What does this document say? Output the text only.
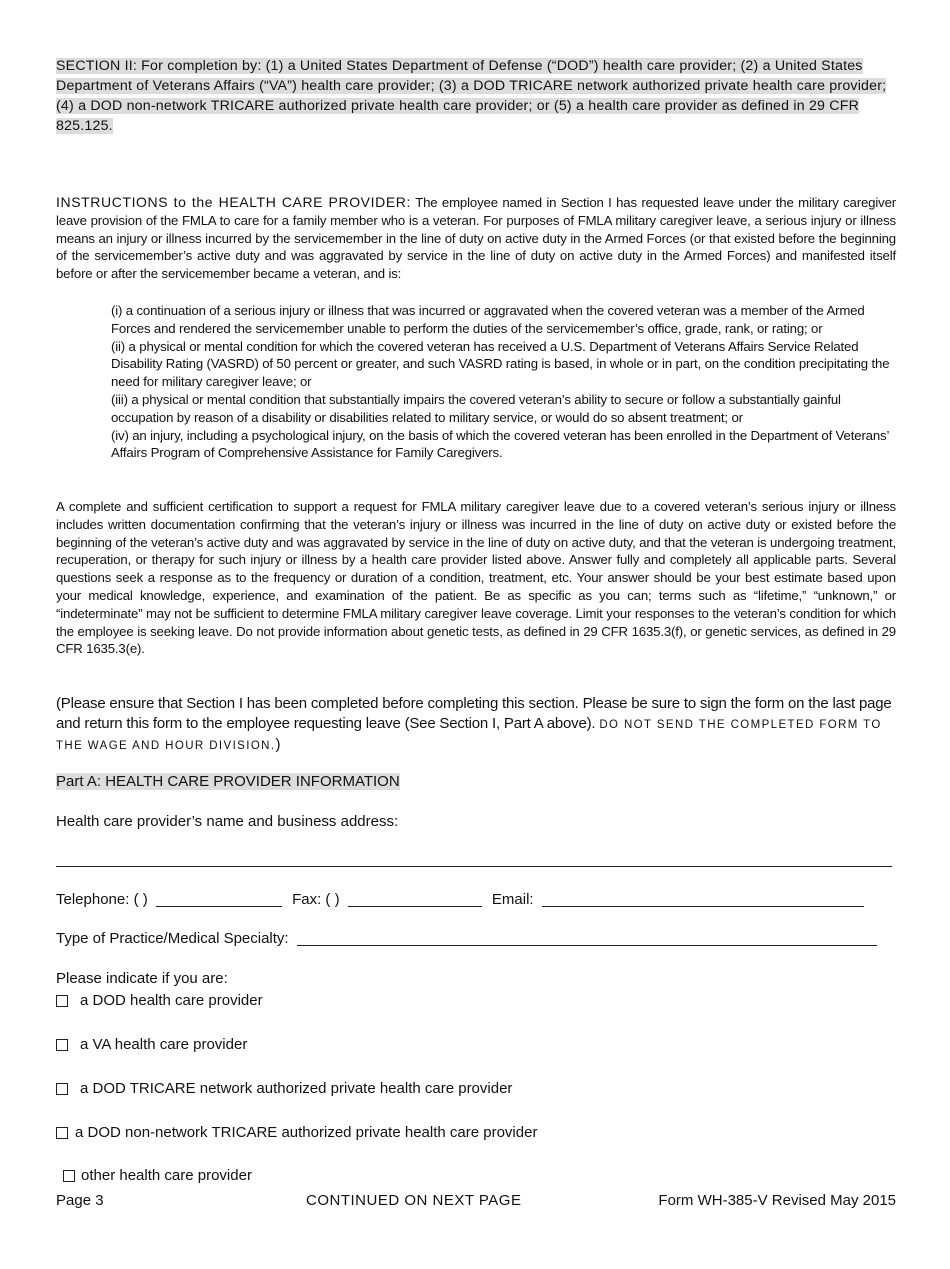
SECTION II: For completion by: (1) a United States Department of Defense (“DOD”) health care provider; (2) a United States Department of Veterans Affairs (“VA”) health care provider; (3) a DOD TRICARE network authorized private health care provider; (4) a DOD non-network TRICARE authorized private health care provider; or (5) a health care provider as defined in 29 CFR 825.125.
INSTRUCTIONS to the HEALTH CARE PROVIDER: The employee named in Section I has requested leave under the military caregiver leave provision of the FMLA to care for a family member who is a veteran. For purposes of FMLA military caregiver leave, a serious injury or illness means an injury or illness incurred by the servicemember in the line of duty on active duty in the Armed Forces (or that existed before the beginning of the servicemember’s active duty and was aggravated by service in the line of duty on active duty in the Armed Forces) and manifested itself before or after the servicemember became a veteran, and is:

(i) a continuation of a serious injury or illness that was incurred or aggravated when the covered veteran was a member of the Armed Forces and rendered the servicemember unable to perform the duties of the servicemember’s office, grade, rank, or rating; or

(ii) a physical or mental condition for which the covered veteran has received a U.S. Department of Veterans Affairs Service Related Disability Rating (VASRD) of 50 percent or greater, and such VASRD rating is based, in whole or in part, on the condition precipitating the need for military caregiver leave; or

(iii) a physical or mental condition that substantially impairs the covered veteran’s ability to secure or follow a substantially gainful occupation by reason of a disability or disabilities related to military service, or would do so absent treatment; or

(iv) an injury, including a psychological injury, on the basis of which the covered veteran has been enrolled in the Department of Veterans’ Affairs Program of Comprehensive Assistance for Family Caregivers.

A complete and sufficient certification to support a request for FMLA military caregiver leave due to a covered veteran’s serious injury or illness includes written documentation confirming that the veteran’s injury or illness was incurred in the line of duty on active duty or existed before the beginning of the veteran’s active duty and was aggravated by service in the line of duty on active duty, and that the veteran is undergoing treatment, recuperation, or therapy for such injury or illness by a health care provider listed above. Answer fully and completely all applicable parts. Several questions seek a response as to the frequency or duration of a condition, treatment, etc. Your answer should be your best estimate based upon your medical knowledge, experience, and examination of the patient. Be as specific as you can; terms such as “lifetime,” “unknown,” or “indeterminate” may not be sufficient to determine FMLA military caregiver leave coverage. Limit your responses to the veteran’s condition for which the employee is seeking leave. Do not provide information about genetic tests, as defined in 29 CFR 1635.3(f), or genetic services, as defined in 29 CFR 1635.3(e).
(Please ensure that Section I has been completed before completing this section. Please be sure to sign the form on the last page and return this form to the employee requesting leave (See Section I, Part A above). DO NOT SEND THE COMPLETED FORM TO THE WAGE AND HOUR DIVISION.)
Part A: HEALTH CARE PROVIDER INFORMATION
Health care provider’s name and business address:
Telephone: ( )	Fax: ( )	Email:
Type of Practice/Medical Specialty:
Please indicate if you are:
a DOD health care provider
a VA health care provider
a DOD TRICARE network authorized private health care provider
a DOD non-network TRICARE authorized private health care provider
other health care provider
Page 3	CONTINUED ON NEXT PAGE	Form WH-385-V Revised May 2015
